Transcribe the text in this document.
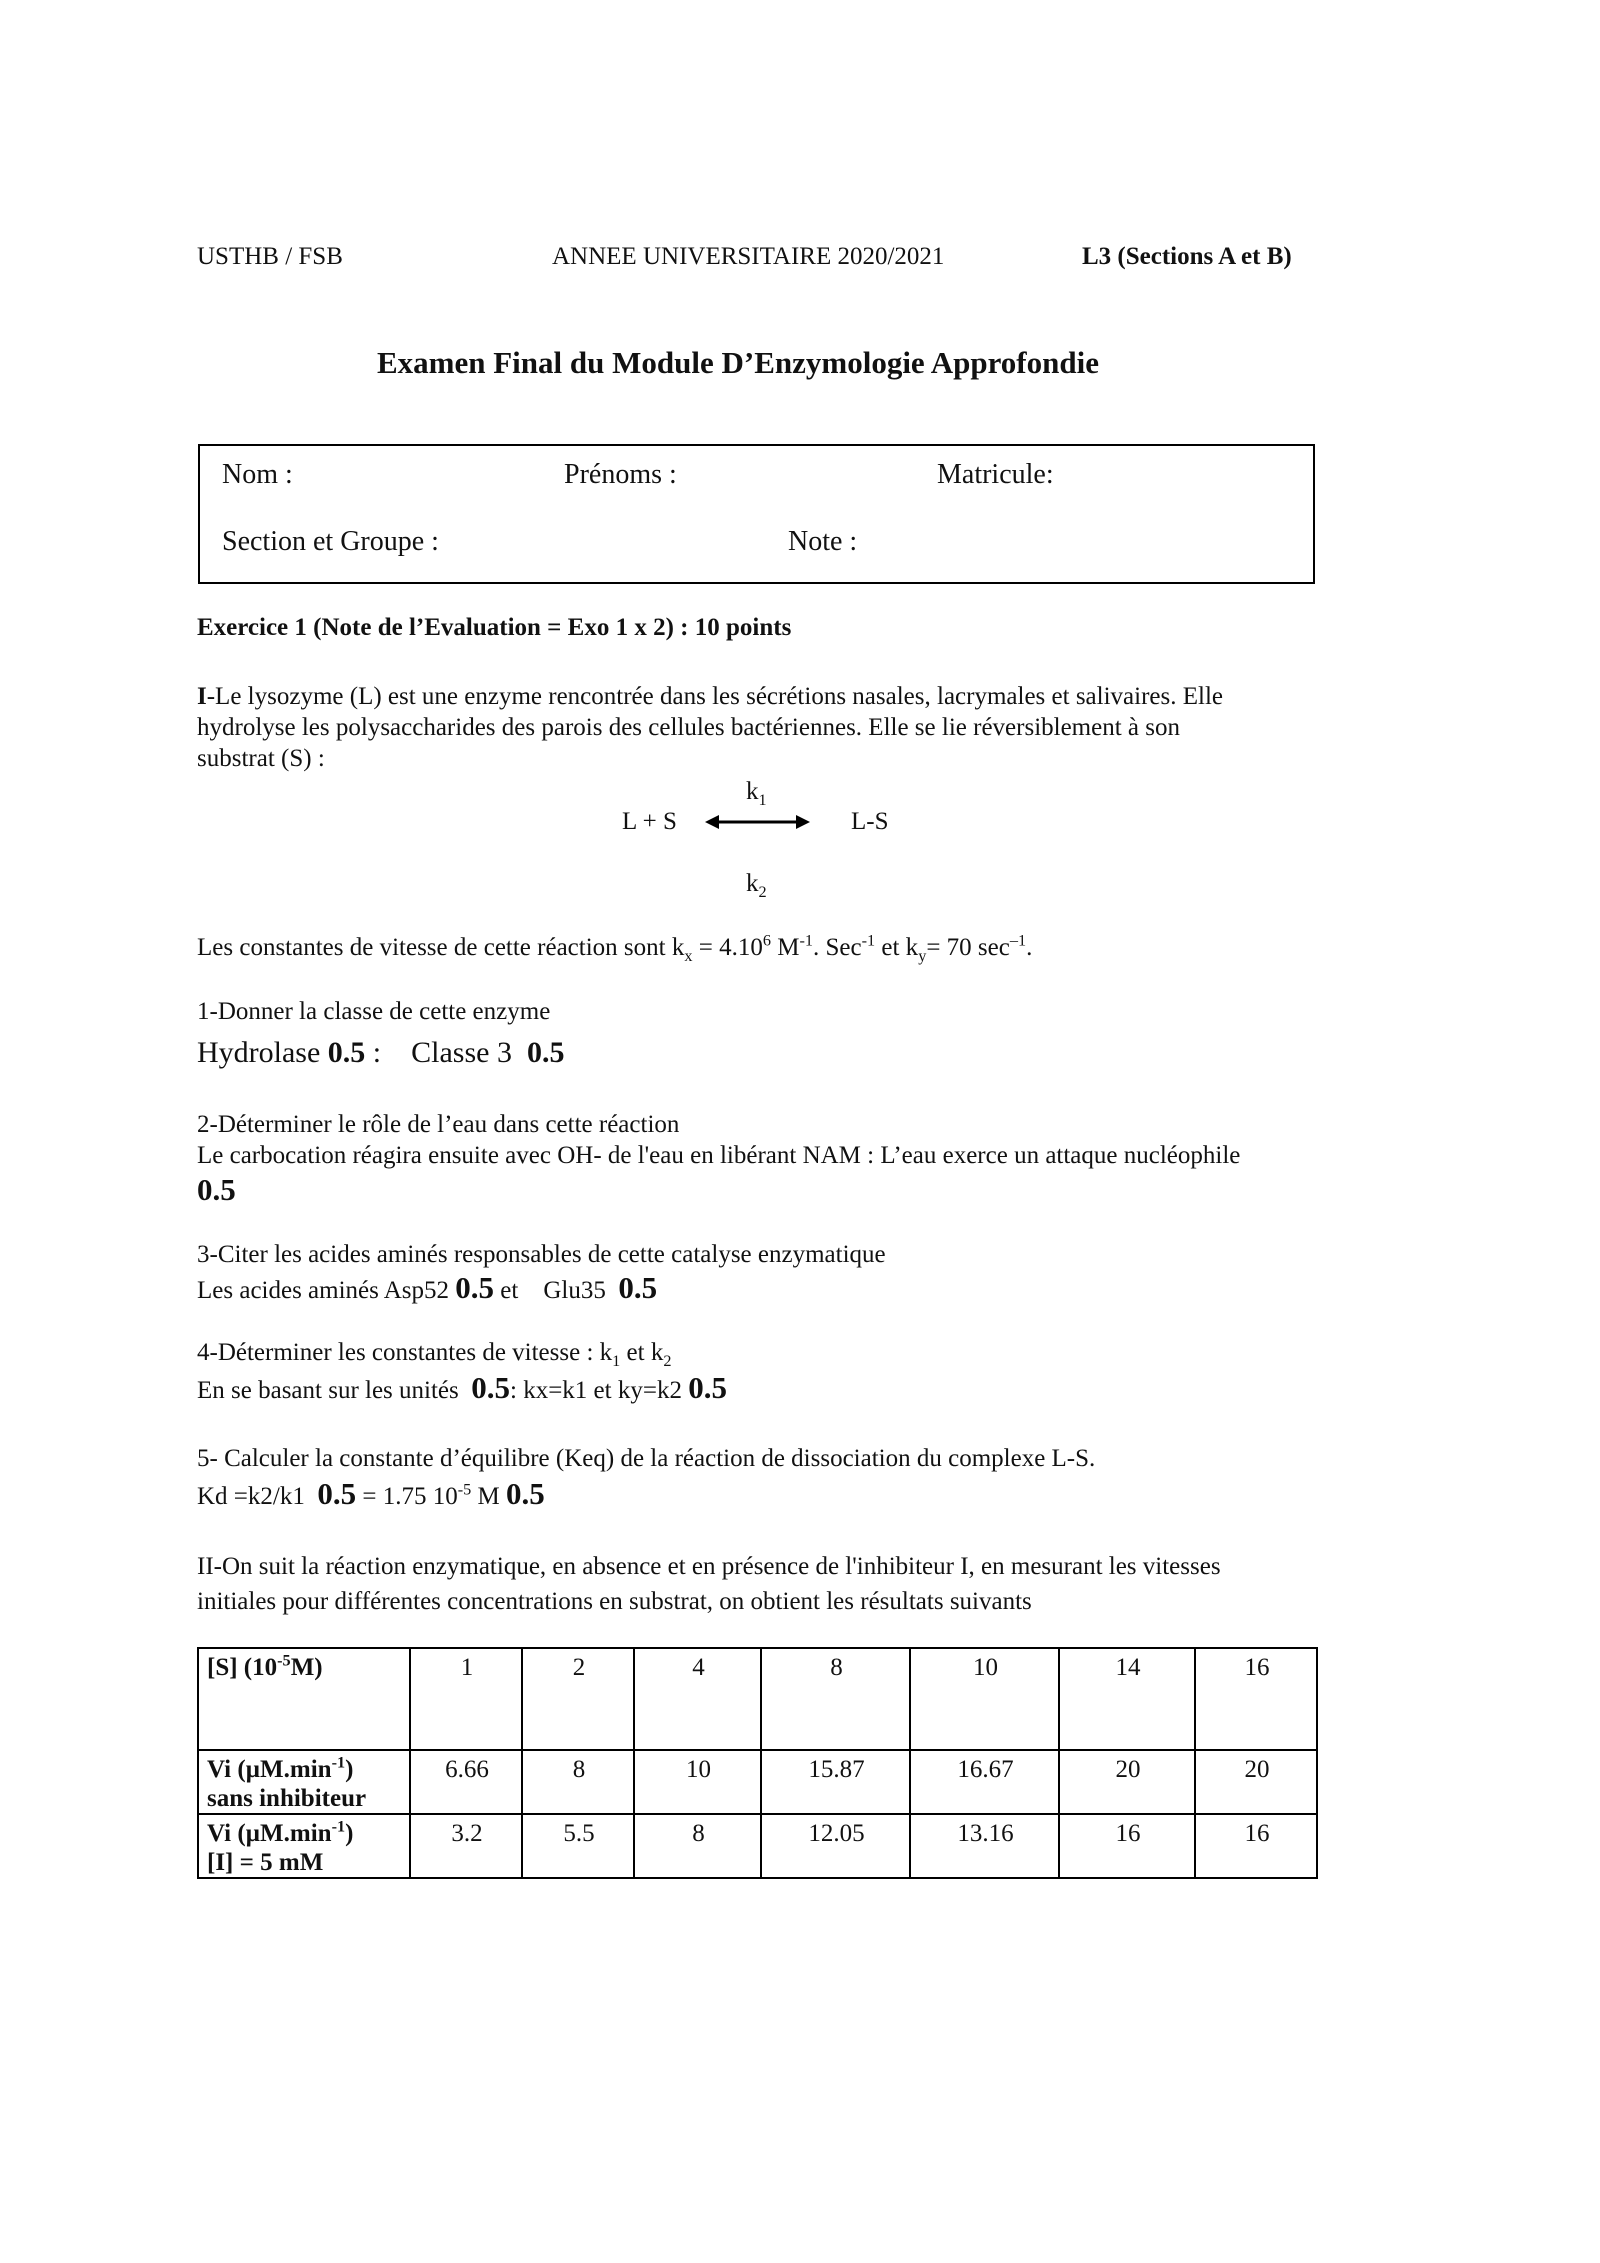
USTHB / FSB	ANNEE UNIVERSITAIRE 2020/2021	L3 (Sections A et B)
Examen Final du Module D’Enzymologie Approfondie
Nom :	Prénoms :	Matricule:
Section et Groupe :	Note :
Exercice 1 (Note de l’Evaluation = Exo 1 x 2) : 10 points
I-Le lysozyme (L) est une enzyme rencontrée dans les sécrétions nasales, lacrymales et salivaires. Elle
hydrolyse les polysaccharides des parois des cellules bactériennes. Elle se lie réversiblement à son
substrat (S) :
$k_1$
L + S	L-S
$k_2$
Les constantes de vitesse de cette réaction sont $k_x = 4.10^6$ $M^{-1}$. Sec$^{-1}$ et $k_y= 70$ $\sec^{-1}$.
1-Donner la classe de cette enzyme
Hydrolase 0.5 :    Classe 3  0.5
2-Déterminer le rôle de l’eau dans cette réaction
Le carbocation réagira ensuite avec OH- de l'eau en libérant NAM : L’eau exerce un attaque nucléophile
0.5
3-Citer les acides aminés responsables de cette catalyse enzymatique
Les acides aminés Asp52 0.5 et    Glu35  0.5
4-Déterminer les constantes de vitesse : $k_1$ et $k_2$
En se basant sur les unités  0.5: kx=k1 et ky=k2 0.5
5- Calculer la constante d’équilibre (Keq) de la réaction de dissociation du complexe L-S.
Kd =k2/k1  0.5 = 1.75 $10^{-5}$ M 0.5
II-On suit la réaction enzymatique, en absence et en présence de l'inhibiteur I, en mesurant les vitesses
initiales pour différentes concentrations en substrat, on obtient les résultats suivants
[S] $(10^{-5}M)$	1	2	4	8	10	14	16
Vi $(\mu M.\min^{-1})$
sans inhibiteur	6.66	8	10	15.87	16.67	20	20
Vi $(\mu M.\min^{-1})$
[I] = 5 mM	3.2	5.5	8	12.05	13.16	16	16
